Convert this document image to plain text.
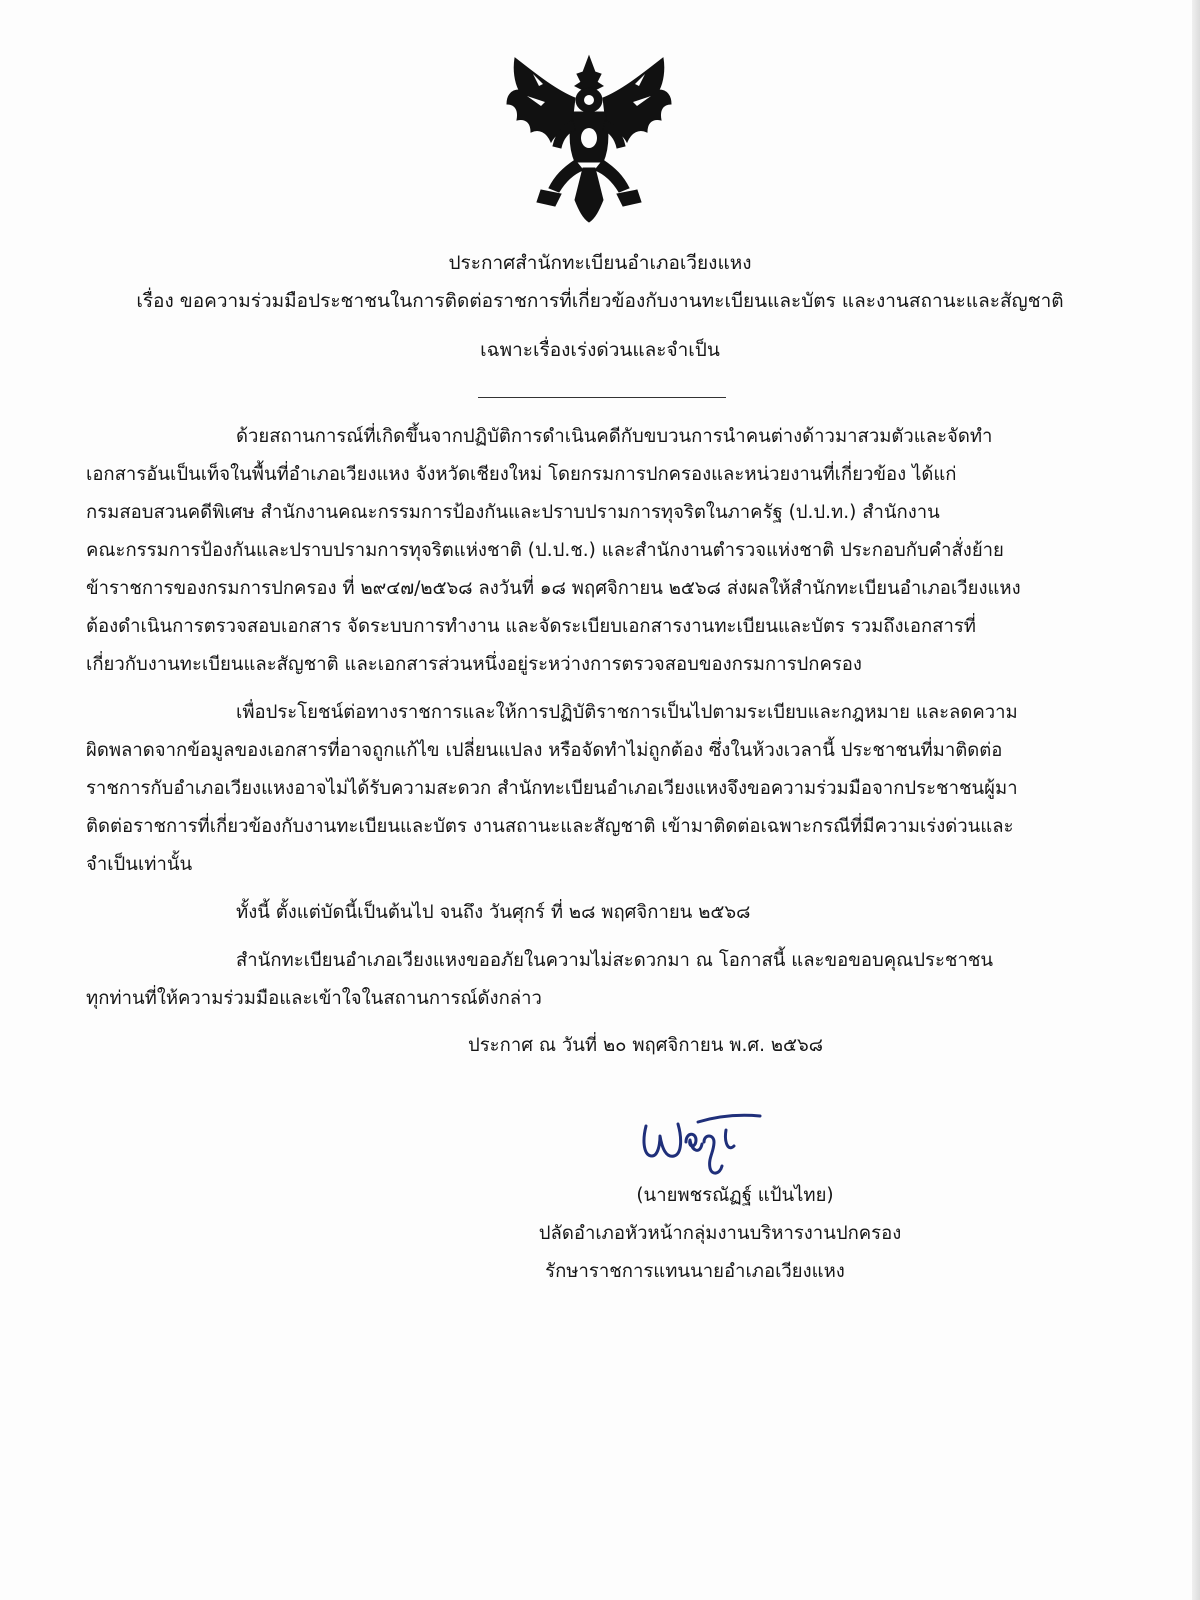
ประกาศสำนักทะเบียนอำเภอเวียงแหง
เรื่อง ขอความร่วมมือประชาชนในการติดต่อราชการที่เกี่ยวข้องกับงานทะเบียนและบัตร และงานสถานะและสัญชาติ
เฉพาะเรื่องเร่งด่วนและจำเป็น

ด้วยสถานการณ์ที่เกิดขึ้นจากปฏิบัติการดำเนินคดีกับขบวนการนำคนต่างด้าวมาสวมตัวและจัดทำ
เอกสารอันเป็นเท็จในพื้นที่อำเภอเวียงแหง จังหวัดเชียงใหม่ โดยกรมการปกครองและหน่วยงานที่เกี่ยวข้อง ได้แก่
กรมสอบสวนคดีพิเศษ สำนักงานคณะกรรมการป้องกันและปราบปรามการทุจริตในภาครัฐ (ป.ป.ท.) สำนักงาน
คณะกรรมการป้องกันและปราบปรามการทุจริตแห่งชาติ (ป.ป.ช.) และสำนักงานตำรวจแห่งชาติ ประกอบกับคำสั่งย้าย
ข้าราชการของกรมการปกครอง ที่ ๒๙๔๗/๒๕๖๘ ลงวันที่ ๑๘ พฤศจิกายน ๒๕๖๘ ส่งผลให้สำนักทะเบียนอำเภอเวียงแหง
ต้องดำเนินการตรวจสอบเอกสาร จัดระบบการทำงาน และจัดระเบียบเอกสารงานทะเบียนและบัตร รวมถึงเอกสารที่
เกี่ยวกับงานทะเบียนและสัญชาติ และเอกสารส่วนหนึ่งอยู่ระหว่างการตรวจสอบของกรมการปกครอง

เพื่อประโยชน์ต่อทางราชการและให้การปฏิบัติราชการเป็นไปตามระเบียบและกฎหมาย และลดความ
ผิดพลาดจากข้อมูลของเอกสารที่อาจถูกแก้ไข เปลี่ยนแปลง หรือจัดทำไม่ถูกต้อง ซึ่งในห้วงเวลานี้ ประชาชนที่มาติดต่อ
ราชการกับอำเภอเวียงแหงอาจไม่ได้รับความสะดวก สำนักทะเบียนอำเภอเวียงแหงจึงขอความร่วมมือจากประชาชนผู้มา
ติดต่อราชการที่เกี่ยวข้องกับงานทะเบียนและบัตร งานสถานะและสัญชาติ เข้ามาติดต่อเฉพาะกรณีที่มีความเร่งด่วนและ
จำเป็นเท่านั้น

ทั้งนี้ ตั้งแต่บัดนี้เป็นต้นไป จนถึง วันศุกร์ ที่ ๒๘ พฤศจิกายน ๒๕๖๘

สำนักทะเบียนอำเภอเวียงแหงขออภัยในความไม่สะดวกมา ณ โอกาสนี้ และขอขอบคุณประชาชน
ทุกท่านที่ให้ความร่วมมือและเข้าใจในสถานการณ์ดังกล่าว

ประกาศ ณ วันที่ ๒๐ พฤศจิกายน พ.ศ. ๒๕๖๘
(นายพชรณัฏฐ์ แป้นไทย)
ปลัดอำเภอหัวหน้ากลุ่มงานบริหารงานปกครอง
รักษาราชการแทนนายอำเภอเวียงแหง
